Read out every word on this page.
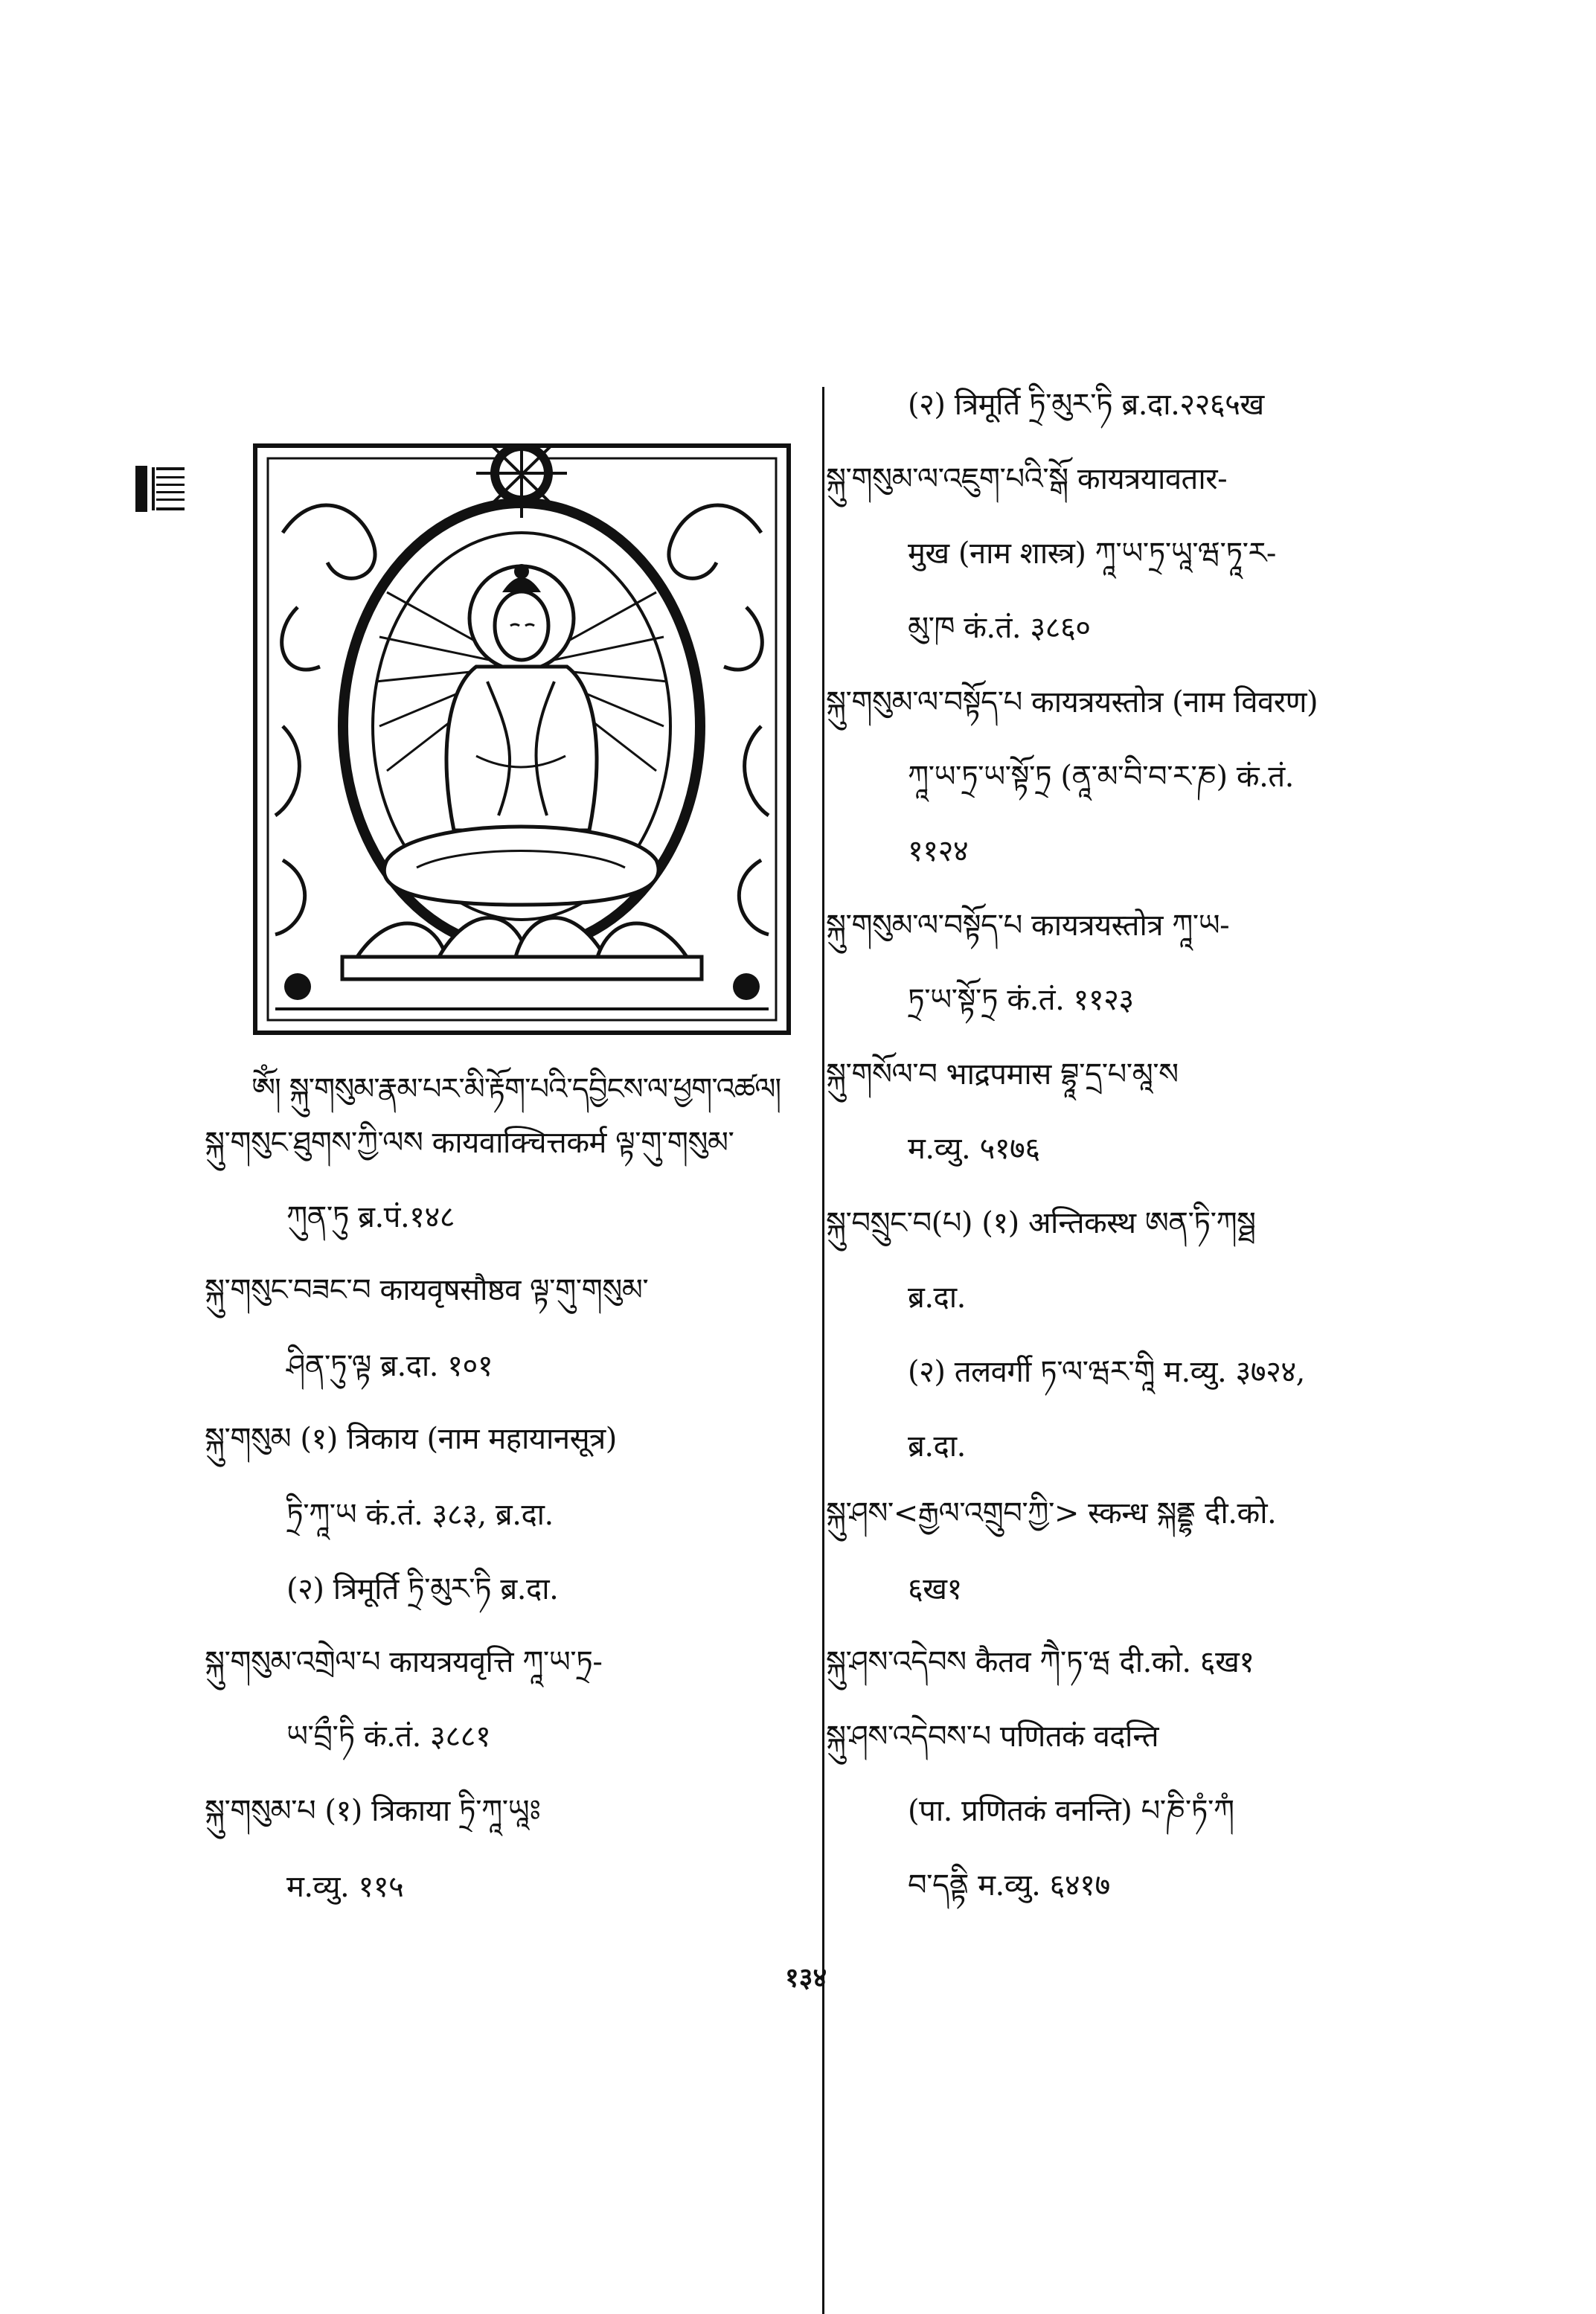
ༀ། སྐུ་གསུམ་རྣམ་པར་མི་རྟོག་པའི་དབྱིངས་ལ་ཕྱག་འཚལ།
སྐུ་གསུང་ཐུགས་ཀྱི་ལས कायवाक्चित्तकर्म ལྟ་གུ་གསུམ་
ཀུན་ཏུ ब्र.पं.१४८
སྐུ་གསུང་བཟང་བ कायवृषसौष्ठव ལྟ་གུ་གསུམ་
ཤིན་ཏུ་ལྟ ब्र.दा. १०१
སྐུ་གསུམ (१) त्रिकाय (नाम महायानसूत्र)
ཏྲི་ཀཱ་ཡ कं.तं. ३८३, ब्र.दा.
(२) त्रिमूर्ति ཏྲི་མུར་ཏི ब्र.दा.
སྐུ་གསུམ་འགྲེལ་པ कायत्रयवृत्ति ཀཱ་ཡ་ཏྲ-
ཡ་བྲྀ་ཏི कं.तं. ३८८१
སྐུ་གསུམ་པ (१) त्रिकाया ཏྲི་ཀཱ་ཡཱཿ
म.व्यु. ११५
(२) त्रिमूर्ति ཏྲི་མུར་ཏི ब्र.दा.२२६५ख
སྐུ་གསུམ་ལ་འཇུག་པའི་སྒོ कायत्रयावतार-
मुख (नाम शास्त्र) ཀཱ་ཡ་ཏྲ་ཡཱ་ཝ་ཏཱ་ར-
མུ་ཁ कं.तं. ३८६०
སྐུ་གསུམ་ལ་བསྟོད་པ कायत्रयस्तोत्र (नाम विवरण)
ཀཱ་ཡ་ཏྲ་ཡ་སྟོ་ཏྲ (ནཱ་མ་བི་བ་ར་ཎ) कं.तं.
११२४
སྐུ་གསུམ་ལ་བསྟོད་པ कायत्रयस्तोत्र ཀཱ་ཡ-
ཏྲ་ཡ་སྟོ་ཏྲ कं.तं. ११२३
སྐུ་གསོལ་བ भाद्रपमास བྷཱ་དྲ་པ་མཱ་ས
म.व्यु. ५१७६
སྐུ་བསྲུང་བ(པ) (१) अन्तिकस्थ ཨན་ཏི་ཀསྠ
ब्र.दा.
(२) तलवर्गी ཏ་ལ་ཝར་གཱི म.व्यु. ३७२४,
ब्र.दा.
སྐུ་ཤས་<རྒྱལ་འགྲུབ་ཀྱི་> स्कन्ध སྐནྡྷ दी.को.
६ख१
སྐུ་ཤས་འདེབས कैतव ཀཻ་ཏ་ཝ दी.को. ६ख१
སྐུ་ཤས་འདེབས་པ पणितकं वदन्ति
(पा. प्रणितकं वनन्ति) པ་ཎི་ཏཾ་ཀཾ
བ་དནྟི म.व्यु. ६४१७
१३४
